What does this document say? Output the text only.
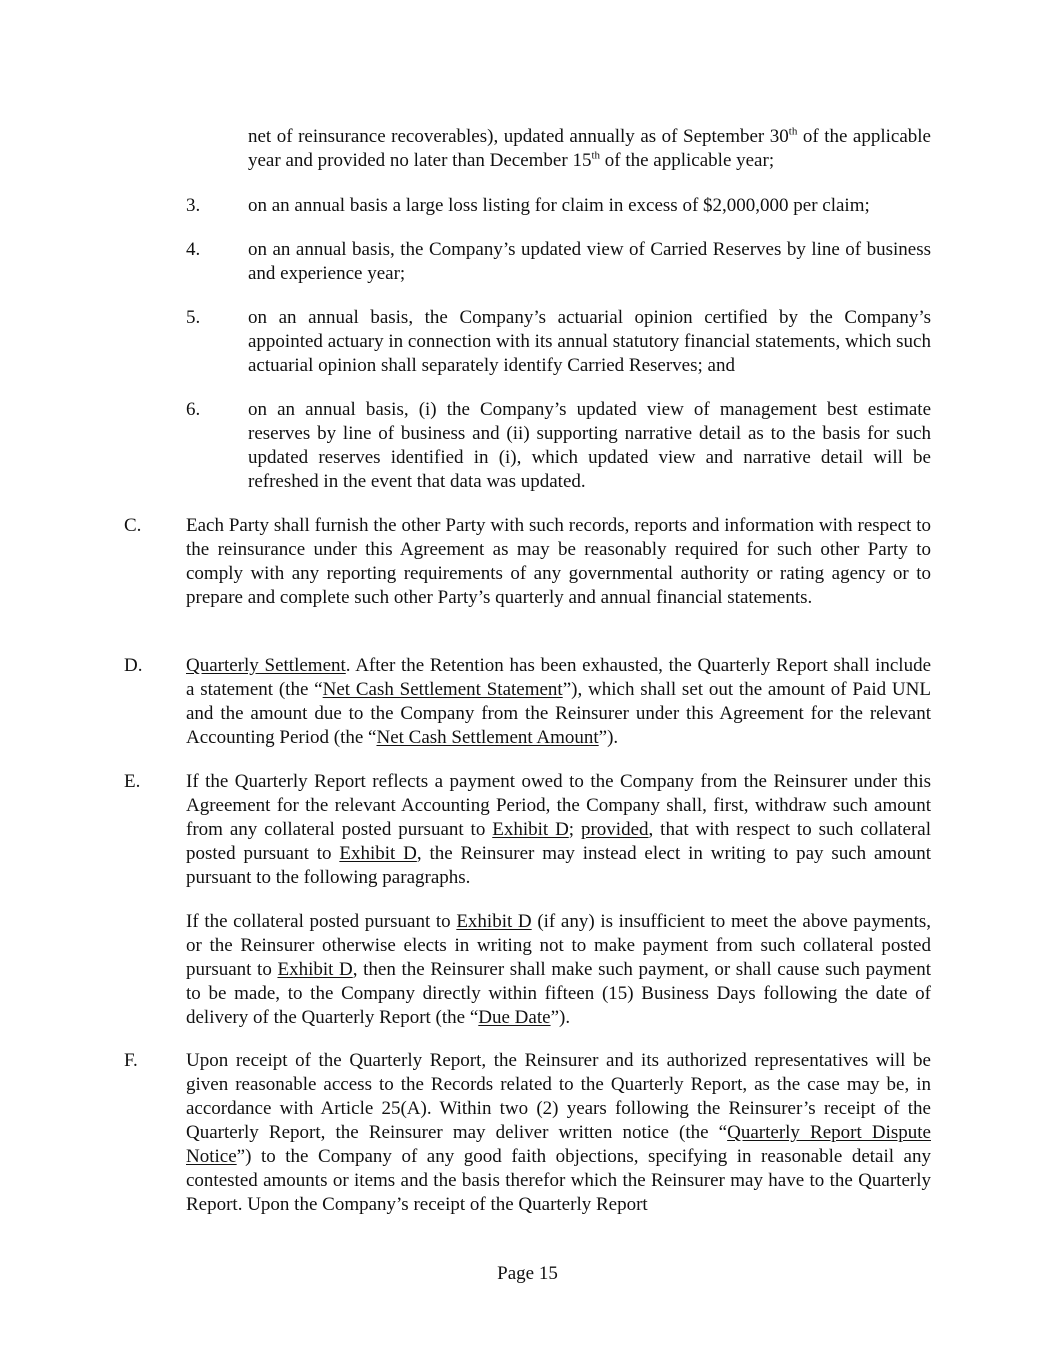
net of reinsurance recoverables), updated annually as of September 30th of the applicable year and provided no later than December 15th of the applicable year;
3.	on an annual basis a large loss listing for claim in excess of $2,000,000 per claim;
4.	on an annual basis, the Company’s updated view of Carried Reserves by line of business and experience year;
5.	on an annual basis, the Company’s actuarial opinion certified by the Company’s appointed actuary in connection with its annual statutory financial statements, which such actuarial opinion shall separately identify Carried Reserves; and
6.	on an annual basis, (i) the Company’s updated view of management best estimate reserves by line of business and (ii) supporting narrative detail as to the basis for such updated reserves identified in (i), which updated view and narrative detail will be refreshed in the event that data was updated.
C. Each Party shall furnish the other Party with such records, reports and information with respect to the reinsurance under this Agreement as may be reasonably required for such other Party to comply with any reporting requirements of any governmental authority or rating agency or to prepare and complete such other Party’s quarterly and annual financial statements.
D. Quarterly Settlement. After the Retention has been exhausted, the Quarterly Report shall include a statement (the “Net Cash Settlement Statement”), which shall set out the amount of Paid UNL and the amount due to the Company from the Reinsurer under this Agreement for the relevant Accounting Period (the “Net Cash Settlement Amount”).
E. If the Quarterly Report reflects a payment owed to the Company from the Reinsurer under this Agreement for the relevant Accounting Period, the Company shall, first, withdraw such amount from any collateral posted pursuant to Exhibit D; provided, that with respect to such collateral posted pursuant to Exhibit D, the Reinsurer may instead elect in writing to pay such amount pursuant to the following paragraphs.
If the collateral posted pursuant to Exhibit D (if any) is insufficient to meet the above payments, or the Reinsurer otherwise elects in writing not to make payment from such collateral posted pursuant to Exhibit D, then the Reinsurer shall make such payment, or shall cause such payment to be made, to the Company directly within fifteen (15) Business Days following the date of delivery of the Quarterly Report (the “Due Date”).
F.	Upon receipt of the Quarterly Report, the Reinsurer and its authorized representatives will be given reasonable access to the Records related to the Quarterly Report, as the case may be, in accordance with Article 25(A). Within two (2) years following the Reinsurer’s receipt of the Quarterly Report, the Reinsurer may deliver written notice (the “Quarterly Report Dispute Notice”) to the Company of any good faith objections, specifying in reasonable detail any contested amounts or items and the basis therefor which the Reinsurer may have to the Quarterly Report. Upon the Company’s receipt of the Quarterly Report
Page 15
